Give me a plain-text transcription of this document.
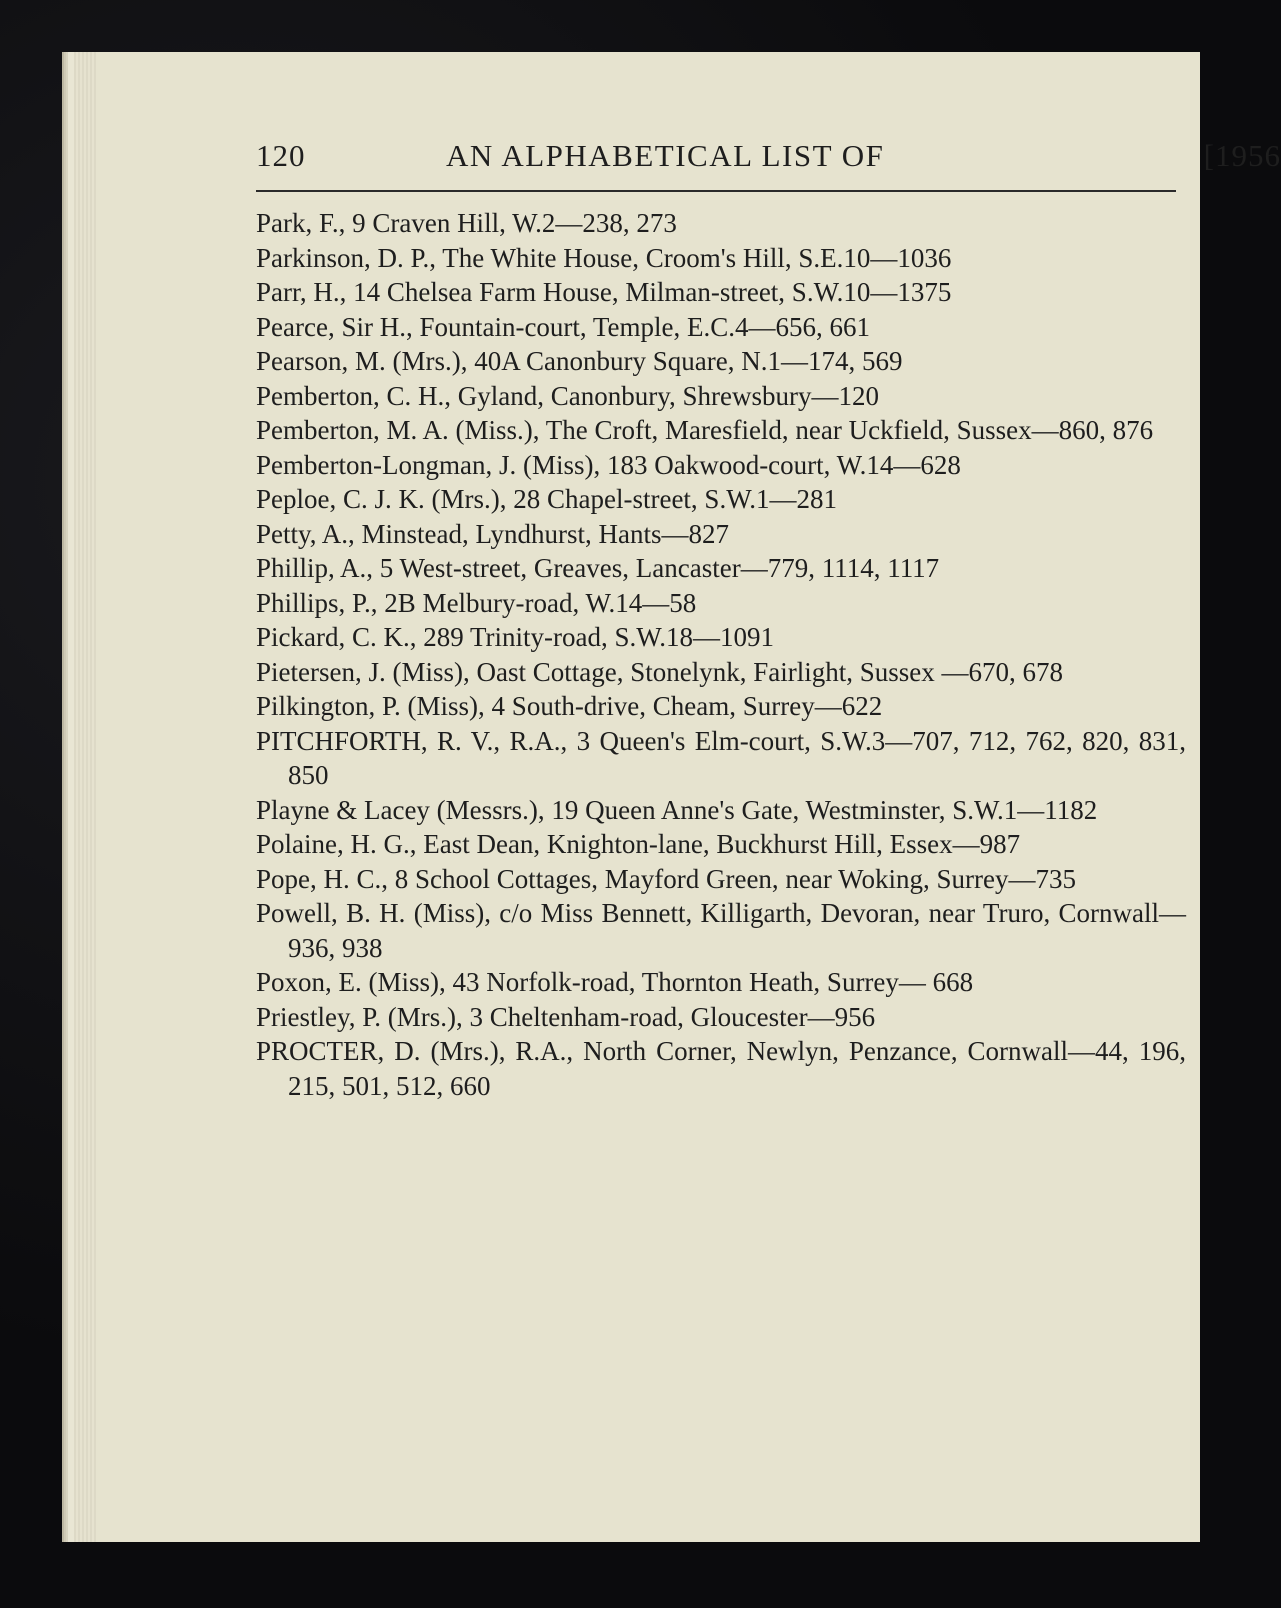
120	AN ALPHABETICAL LIST OF	[1956
Park, F., 9 Craven Hill, W.2—238, 273
Parkinson, D. P., The White House, Croom's Hill, S.E.10—1036
Parr, H., 14 Chelsea Farm House, Milman-street, S.W.10—1375
Pearce, Sir H., Fountain-court, Temple, E.C.4—656, 661
Pearson, M. (Mrs.), 40A Canonbury Square, N.1—174, 569
Pemberton, C. H., Gyland, Canonbury, Shrewsbury—120
Pemberton, M. A. (Miss.), The Croft, Maresfield, near Uckfield, Sussex—860, 876
Pemberton-Longman, J. (Miss), 183 Oakwood-court, W.14—628
Peploe, C. J. K. (Mrs.), 28 Chapel-street, S.W.1—281
Petty, A., Minstead, Lyndhurst, Hants—827
Phillip, A., 5 West-street, Greaves, Lancaster—779, 1114, 1117
Phillips, P., 2B Melbury-road, W.14—58
Pickard, C. K., 289 Trinity-road, S.W.18—1091
Pietersen, J. (Miss), Oast Cottage, Stonelynk, Fairlight, Sussex —670, 678
Pilkington, P. (Miss), 4 South-drive, Cheam, Surrey—622
PITCHFORTH, R. V., R.A., 3 Queen's Elm-court, S.W.3—707, 712, 762, 820, 831, 850
Playne & Lacey (Messrs.), 19 Queen Anne's Gate, Westminster, S.W.1—1182
Polaine, H. G., East Dean, Knighton-lane, Buckhurst Hill, Essex—987
Pope, H. C., 8 School Cottages, Mayford Green, near Woking, Surrey—735
Powell, B. H. (Miss), c/o Miss Bennett, Killigarth, Devoran, near Truro, Cornwall—936, 938
Poxon, E. (Miss), 43 Norfolk-road, Thornton Heath, Surrey— 668
Priestley, P. (Mrs.), 3 Cheltenham-road, Gloucester—956
PROCTER, D. (Mrs.), R.A., North Corner, Newlyn, Penzance, Cornwall—44, 196, 215, 501, 512, 660
